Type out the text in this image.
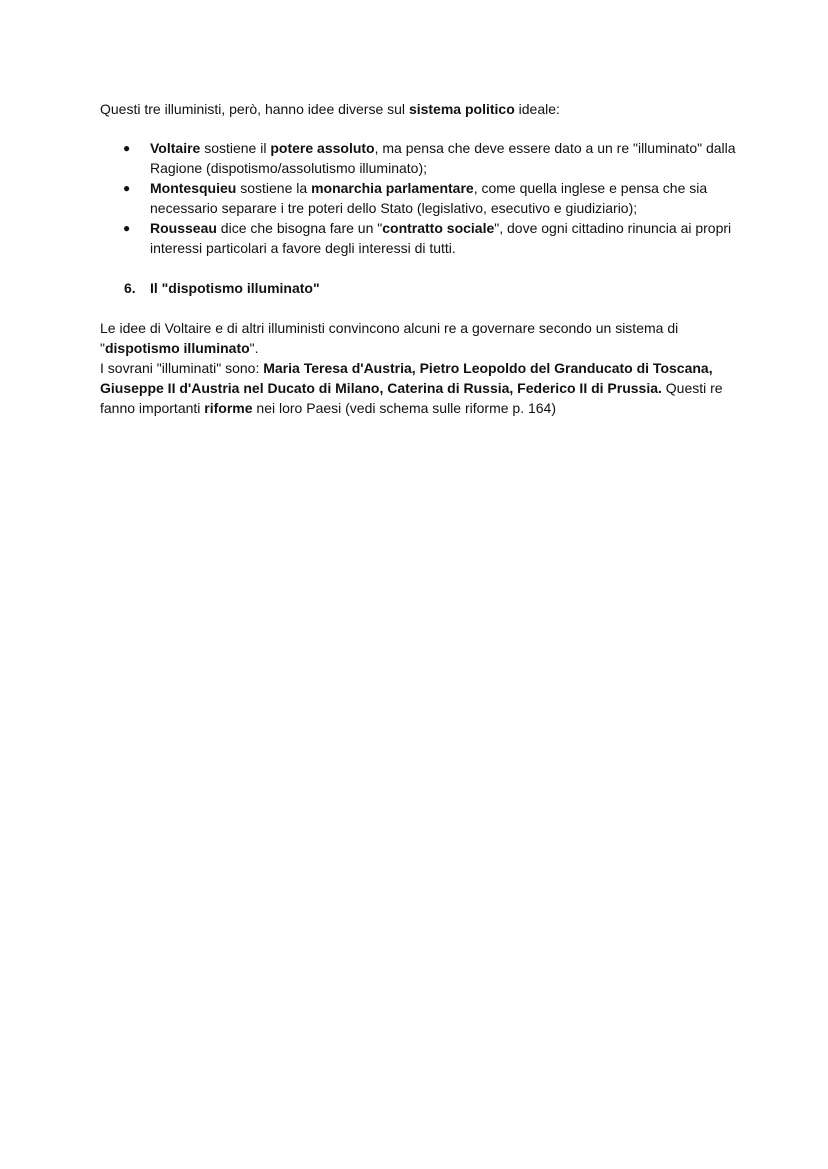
Questi tre illuministi, però, hanno idee diverse sul sistema politico ideale:

● Voltaire sostiene il potere assoluto, ma pensa che deve essere dato a un re "illuminato" dalla Ragione (dispotismo/assolutismo illuminato);
● Montesquieu sostiene la monarchia parlamentare, come quella inglese e pensa che sia necessario separare i tre poteri dello Stato (legislativo, esecutivo e giudiziario);
● Rousseau dice che bisogna fare un "contratto sociale", dove ogni cittadino rinuncia ai propri interessi particolari a favore degli interessi di tutti.

6. Il "dispotismo illuminato"

Le idee di Voltaire e di altri illuministi convincono alcuni re a governare secondo un sistema di "dispotismo illuminato".

I sovrani "illuminati" sono: Maria Teresa d'Austria, Pietro Leopoldo del Granducato di Toscana, Giuseppe II d'Austria nel Ducato di Milano, Caterina di Russia, Federico II di Prussia. Questi re fanno importanti riforme nei loro Paesi (vedi schema sulle riforme p. 164)
